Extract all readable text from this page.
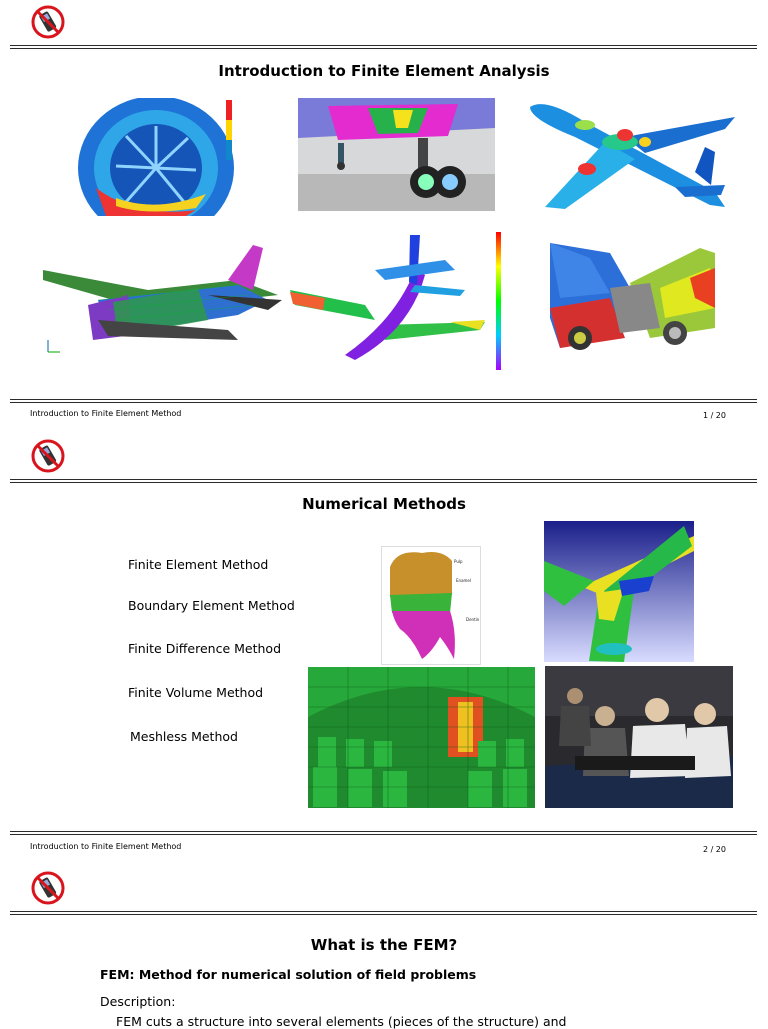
Introduction to Finite Element Analysis
Introduction to Finite Element Method	1 / 20
Numerical Methods
Finite Element Method
Boundary Element Method
Finite Difference Method
Finite Volume Method
Meshless Method
Pulp
Enamel
Dentin
Introduction to Finite Element Method	2 / 20
What is the FEM?
FEM: Method for numerical solution of field problems
Description:
FEM cuts a structure into several elements (pieces of the structure) and
